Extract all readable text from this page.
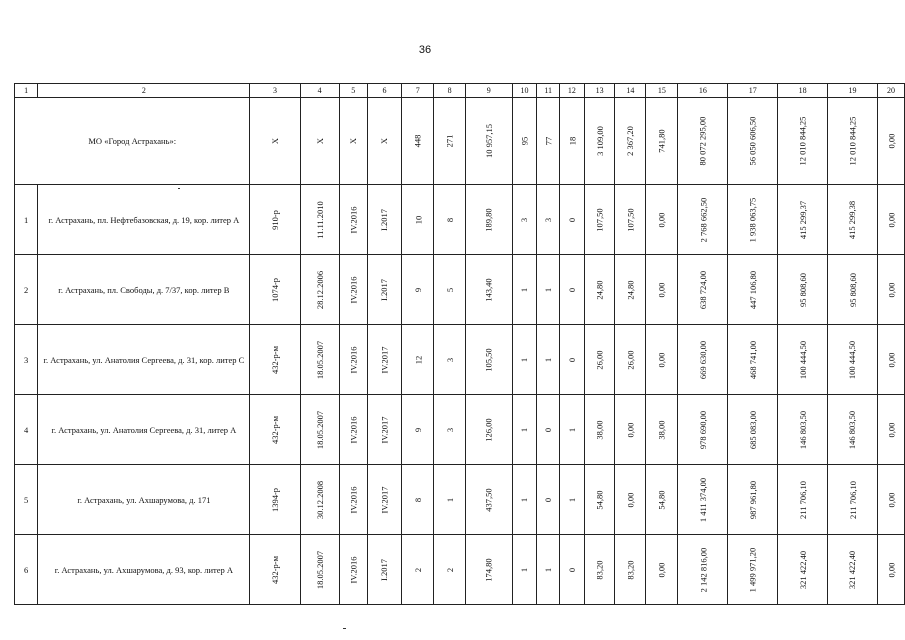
36
1	2	3	4	5	6	7	8	9	10	11	12	13	14	15	16	17	18	19	20
МО «Город Астрахань»:		Х	Х	Х	Х	448	271	10 957,15	95	77	18	3 109,00	2 367,20	741,80	80 072 295,00	56 050 606,50	12 010 844,25	12 010 844,25	0,00
1	г. Астрахань, пл. Нефтебазовская, д. 19, кор. литер А	910-р	11.11.2010	IV.2016	I.2017	10	8	189,80	3	3	0	107,50	107,50	0,00	2 768 662,50	1 938 063,75	415 299,37	415 299,38	0,00
2	г. Астрахань, пл. Свободы, д. 7/37, кор. литер В	1074-р	28.12.2006	IV.2016	I.2017	9	5	143,40	1	1	0	24,80	24,80	0,00	638 724,00	447 106,80	95 808,60	95 808,60	0,00
3	г. Астрахань, ул. Анатолия Сергеева, д. 31, кор. литер С	432-р-м	18.05.2007	IV.2016	IV.2017	12	3	105,50	1	1	0	26,00	26,00	0,00	669 630,00	468 741,00	100 444,50	100 444,50	0,00
4	г. Астрахань, ул. Анатолия Сергеева, д. 31, литер А	432-р-м	18.05.2007	IV.2016	IV.2017	9	3	126,00	1	0	1	38,00	0,00	38,00	978 690,00	685 083,00	146 803,50	146 803,50	0,00
5	г. Астрахань, ул. Ахшарумова, д. 171	1394-р	30.12.2008	IV.2016	IV.2017	8	1	437,50	1	0	1	54,80	0,00	54,80	1 411 374,00	987 961,80	211 706,10	211 706,10	0,00
6	г. Астрахань, ул. Ахшарумова, д. 93, кор. литер А	432-р-м	18.05.2007	IV.2016	I.2017	2	2	174,80	1	1	0	83,20	83,20	0,00	2 142 816,00	1 499 971,20	321 422,40	321 422,40	0,00
